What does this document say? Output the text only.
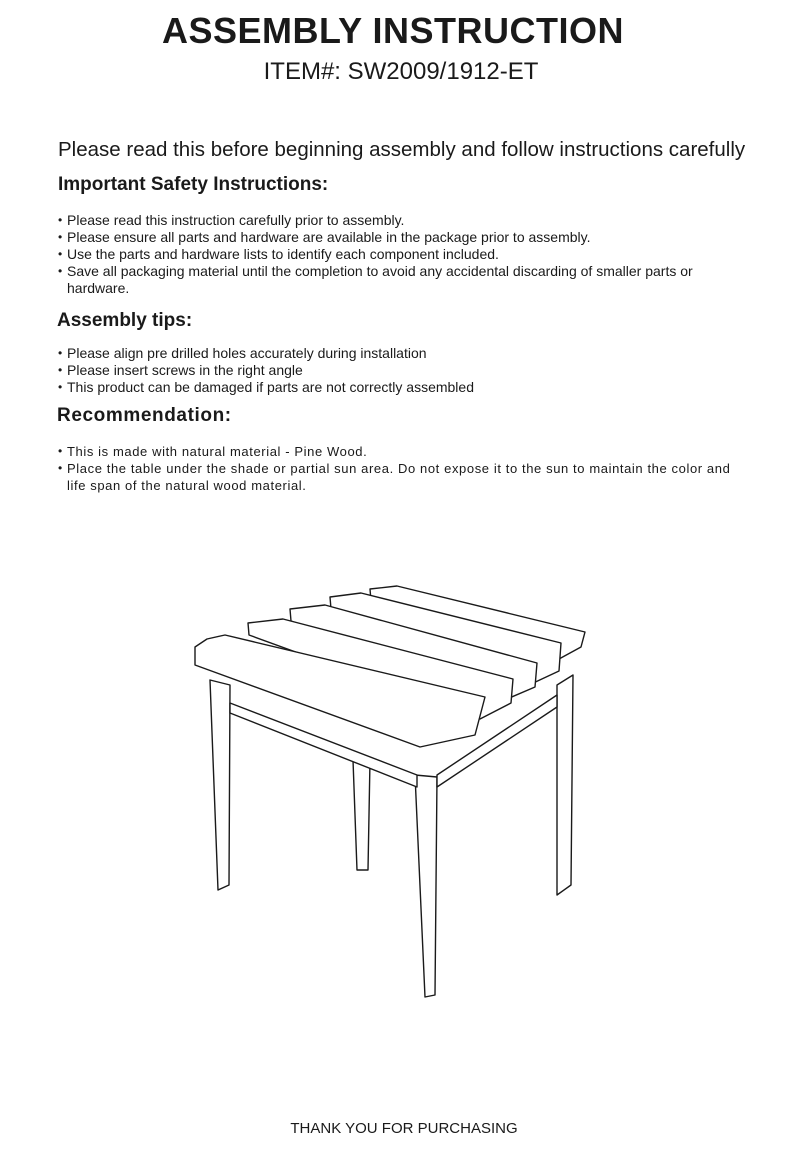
ASSEMBLY INSTRUCTION

ITEM#: SW2009/1912-ET

Please read this before beginning assembly and follow instructions carefully

Important Safety Instructions:
• Please read this instruction carefully prior to assembly.
• Please ensure all parts and hardware are available in the package prior to assembly.
• Use the parts and hardware lists to identify each component included.
• Save all packaging material until the completion to avoid any accidental discarding of smaller parts or hardware.
Assembly tips:
• Please align pre drilled holes accurately during installation
• Please insert screws in the right angle
• This product can be damaged if parts are not correctly assembled
Recommendation:
• This is made with natural material - Pine Wood.
• Place the table under the shade or partial sun area. Do not expose it to the sun to maintain the color and life span of the natural wood material.

THANK YOU FOR PURCHASING
